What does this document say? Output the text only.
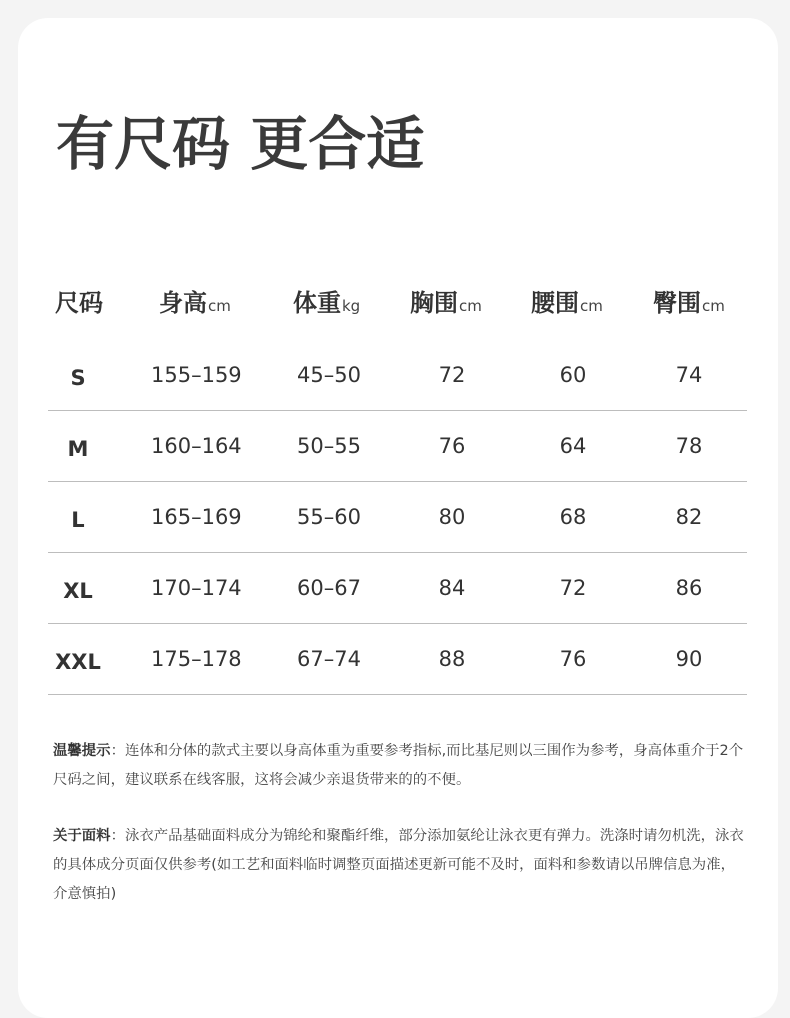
有尺码 更合适
尺码 身高cm	体重kg 胸围cm 腰围cm 臀围cm
S	155–159	45–50	72	60	74
M	160–164	50–55	76	64	78
L	165–169	55–60	80	68	82
XL	170–174	60–67	84	72	86
XXL	175–178	67–74	88	76	90

温馨提示：连体和分体的款式主要以身高体重为重要参考指标,而比基尼则以三围作为参考，身高体重介于2个尺码之间，建议联系在线客服，这将会减少亲退货带来的的不便。

关于面料：泳衣产品基础面料成分为锦纶和聚酯纤维，部分添加氨纶让泳衣更有弹力。洗涤时请勿机洗，泳衣的具体成分页面仅供参考(如工艺和面料临时调整页面描述更新可能不及时，面料和参数请以吊牌信息为准，介意慎拍)
